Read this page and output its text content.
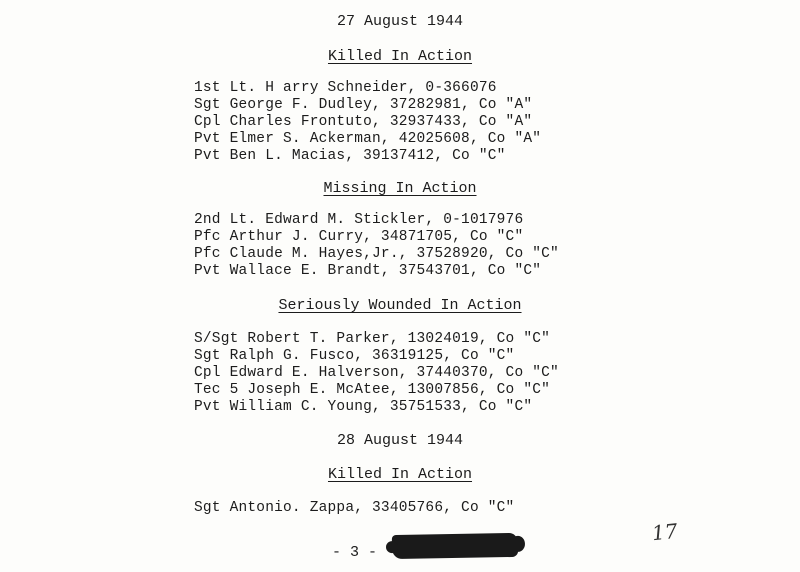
27 August 1944
Killed In Action
1st Lt. H arry Schneider, 0-366076
Sgt George F. Dudley, 37282981, Co "A"
Cpl Charles Frontuto, 32937433, Co "A"
Pvt Elmer S. Ackerman, 42025608, Co "A"
Pvt Ben L. Macias, 39137412, Co "C"
Missing In Action
2nd Lt. Edward M. Stickler, 0-1017976
Pfc Arthur J. Curry, 34871705, Co "C"
Pfc Claude M. Hayes,Jr., 37528920, Co "C"
Pvt Wallace E. Brandt, 37543701, Co "C"
Seriously Wounded In Action
S/Sgt Robert T. Parker, 13024019, Co "C"
Sgt Ralph G. Fusco, 36319125, Co "C"
Cpl Edward E. Halverson, 37440370, Co "C"
Tec 5 Joseph E. McAtee, 13007856, Co "C"
Pvt William C. Young, 35751533, Co "C"
28 August 1944
Killed In Action
Sgt Antonio. Zappa, 33405766, Co "C"
- 3 -
17
